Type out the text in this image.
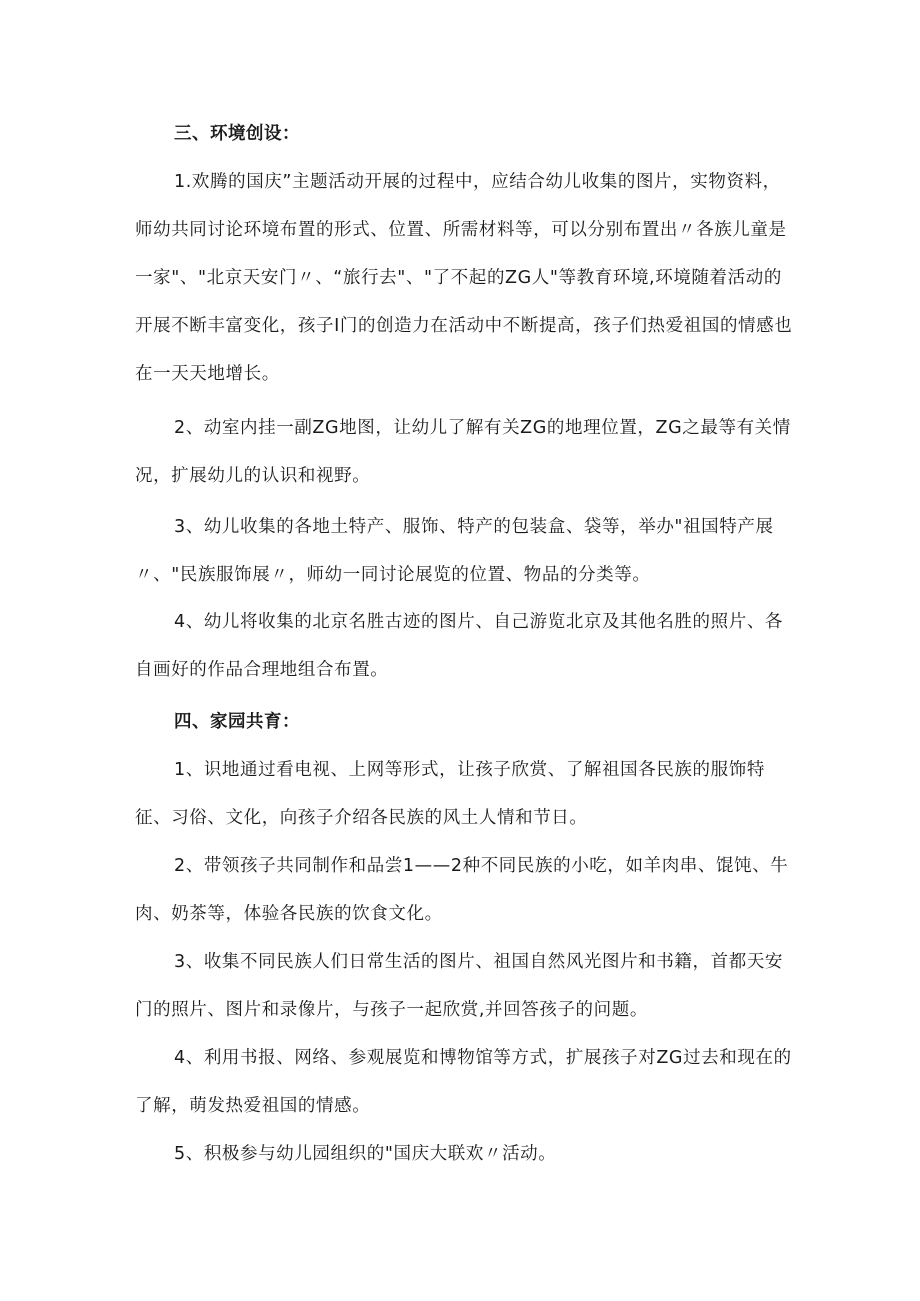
三、环境创设：

1.欢腾的国庆”主题活动开展的过程中，应结合幼儿收集的图片，实物资料，师幼共同讨论环境布置的形式、位置、所需材料等，可以分别布置出〃各族儿童是一家"、"北京天安门〃、“旅行去"、"了不起的ZG人"等教育环境,环境随着活动的开展不断丰富变化，孩子I门的创造力在活动中不断提高，孩子们热爱祖国的情感也在一天天地增长。

2、动室内挂一副ZG地图，让幼儿了解有关ZG的地理位置，ZG之最等有关情况，扩展幼儿的认识和视野。

3、幼儿收集的各地土特产、服饰、特产的包装盒、袋等，举办"祖国特产展〃、"民族服饰展〃，师幼一同讨论展览的位置、物品的分类等。

4、幼儿将收集的北京名胜古迹的图片、自己游览北京及其他名胜的照片、各自画好的作品合理地组合布置。

四、家园共育：

1、识地通过看电视、上网等形式，让孩子欣赏、了解祖国各民族的服饰特征、习俗、文化，向孩子介绍各民族的风土人情和节日。

2、带领孩子共同制作和品尝1——2种不同民族的小吃，如羊肉串、馄饨、牛肉、奶茶等，体验各民族的饮食文化。

3、收集不同民族人们日常生活的图片、祖国自然风光图片和书籍，首都天安门的照片、图片和录像片，与孩子一起欣赏,并回答孩子的问题。

4、利用书报、网络、参观展览和博物馆等方式，扩展孩子对ZG过去和现在的了解，萌发热爱祖国的情感。

5、积极参与幼儿园组织的"国庆大联欢〃活动。
